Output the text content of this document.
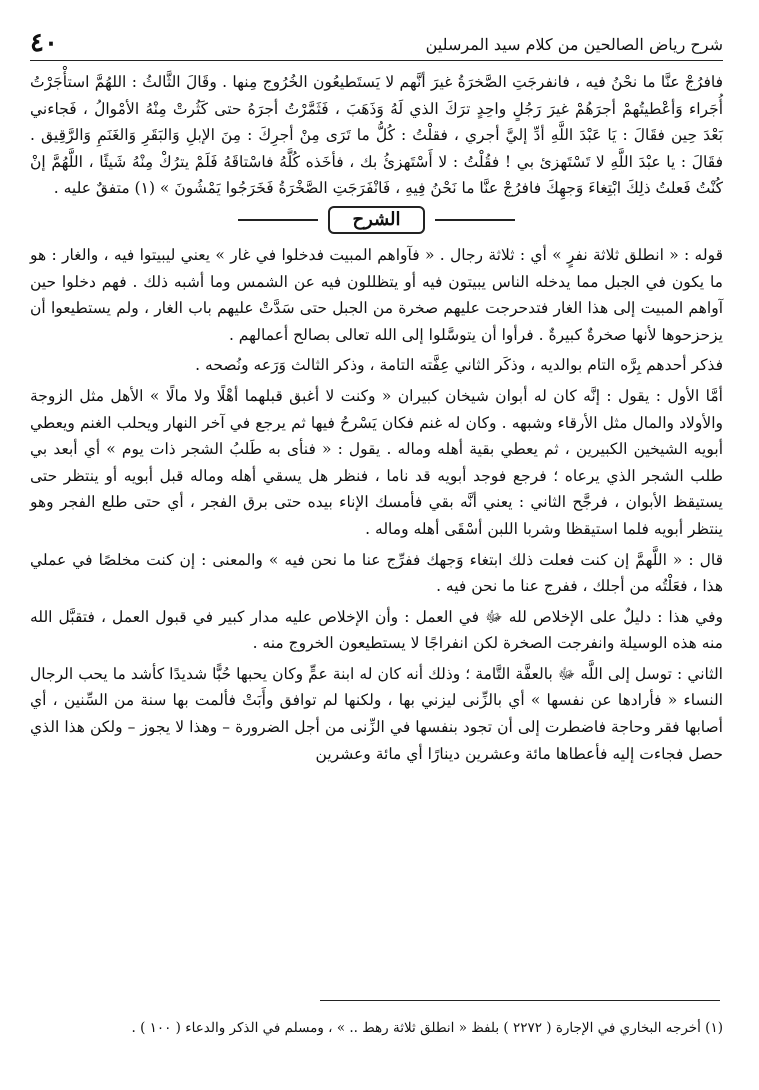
شرح رياض الصالحين من كلام سيد المرسلين
٤٠

فافرُجْ عنَّا ما نحْنُ فيه ، فانفرجَتِ الصَّخرَةُ غيرَ أنَّهم لا يَستَطيعُون الخُرُوج مِنها . وقَالَ الثَّالثُ : اللهُمَّ استأْجَرْتُ أُجَراء وَأعْطيتُهمْ أجرَهُمْ غيرَ رَجُلٍ واحِدٍ ترَكَ الذي لَهُ وَذَهَبَ ، فَثَمَّرْتُ أجرَهُ حتى كَثُرتْ مِنْهُ الأمْوالُ ، فَجاءني بَعْدَ حِين فقَالَ : يَا عَبْدَ اللَّهِ أدِّ إليَّ أجري ، فقلْتُ : كُلُّ ما تَرَى مِنْ أجرِكَ : مِنَ الإبلِ وَالبَقَرِ وَالغَنَمِ وَالرَّقِيق . فقَالَ : يا عبْدَ اللَّهِ لا تَسْتَهزئ بي ! فقُلْتُ : لا أَسْتَهزئُ بك ، فأخَذه كُلَّهُ فاسْتاقَهُ فَلَمْ يترُكْ مِنْهُ شَيئًا ، اللَّهُمَّ إنْ كُنْتُ فَعلتُ ذلِكَ ابْتِغاءَ وَجهِكَ فافرُجْ عنَّا ما نَحْنُ فِيهِ ، فَانْفَرَجَتِ الصَّخْرَةُ فَخَرَجُوا يَمْشُونَ » (١) متفقٌ عليه .

الشرح

قوله : « انطلق ثلاثة نفرٍ » أي : ثلاثة رجال . « فآواهم المبيت فدخلوا في غار » يعني ليبيتوا فيه ، والغار : هو ما يكون في الجبل مما يدخله الناس يبيتون فيه أو يتظللون فيه عن الشمس وما أشبه ذلك . فهم دخلوا حين آواهم المبيت إلى هذا الغار فتدحرجت عليهم صخرة من الجبل حتى سَدَّتْ عليهم باب الغار ، ولم يستطيعوا أن يزحزحوها لأنها صخرةٌ كبيرةٌ . فرأوا أن يتوسَّلوا إلى الله تعالى بصالح أعمالهم .

فذكر أحدهم بِرَّه التام بوالديه ، وذكَر الثاني عِفَّته التامة ، وذكر الثالث وَرَعه ونُصحه .

أمَّا الأول : يقول : إنَّه كان له أبوان شيخان كبيران « وكنت لا أغبق قبلهما أهْلًا ولا مالًا » الأهل مثل الزوجة والأولاد والمال مثل الأرقاء وشبهه . وكان له غنم فكان يَسْرحُ فيها ثم يرجع في آخر النهار ويحلب الغنم ويعطي أبويه الشيخين الكبيرين ، ثم يعطي بقية أهله وماله . يقول : « فنأى به طَلبُ الشجر ذات يوم » أي أبعد بي طلب الشجر الذي يرعاه ؛ فرجع فوجد أبويه قد ناما ، فنظر هل يسقي أهله وماله قبل أبويه أو ينتظر حتى يستيقظ الأبوان ، فرجَّح الثاني : يعني أنَّه بقي فأمسك الإناء بيده حتى برق الفجر ، أي حتى طلع الفجر وهو ينتظر أبويه فلما استيقظا وشربا اللبن أسْقَى أهله وماله .

قال : « اللَّهمَّ إن كنت فعلت ذلك ابتغاء وَجهك ففرِّج عنا ما نحن فيه » والمعنى : إن كنت مخلصًا في عملي هذا ، فعَلْتُه من أجلك ، ففرج عنا ما نحن فيه .

وفي هذا : دليلٌ على الإخلاص لله ﷻ في العمل : وأن الإخلاص عليه مدار كبير في قبول العمل ، فتقبَّل الله منه هذه الوسيلة وانفرجت الصخرة لكن انفراجًا لا يستطيعون الخروج منه .

الثاني : توسل إلى اللَّه ﷻ بالعفَّة التَّامة ؛ وذلك أنه كان له ابنة عمٍّ وكان يحبها حُبًّا شديدًا كأشد ما يحب الرجال النساء « فأرادها عن نفسها » أي بالزِّنى ليزني بها ، ولكنها لم توافق وأَبَتْ فألمت بها سنة من السِّنين ، أي أصابها فقر وحاجة فاضطرت إلى أن تجود بنفسها في الزِّنى من أجل الضرورة – وهذا لا يجوز – ولكن هذا الذي حصل فجاءت إليه فأعطاها مائة وعشرين دينارًا أي مائة وعشرين

(١) أخرجه البخاري في الإجارة ( ٢٢٧٢ ) بلفظ « انطلق ثلاثة رهط .. » ، ومسلم في الذكر والدعاء ( ١٠٠ ) .
